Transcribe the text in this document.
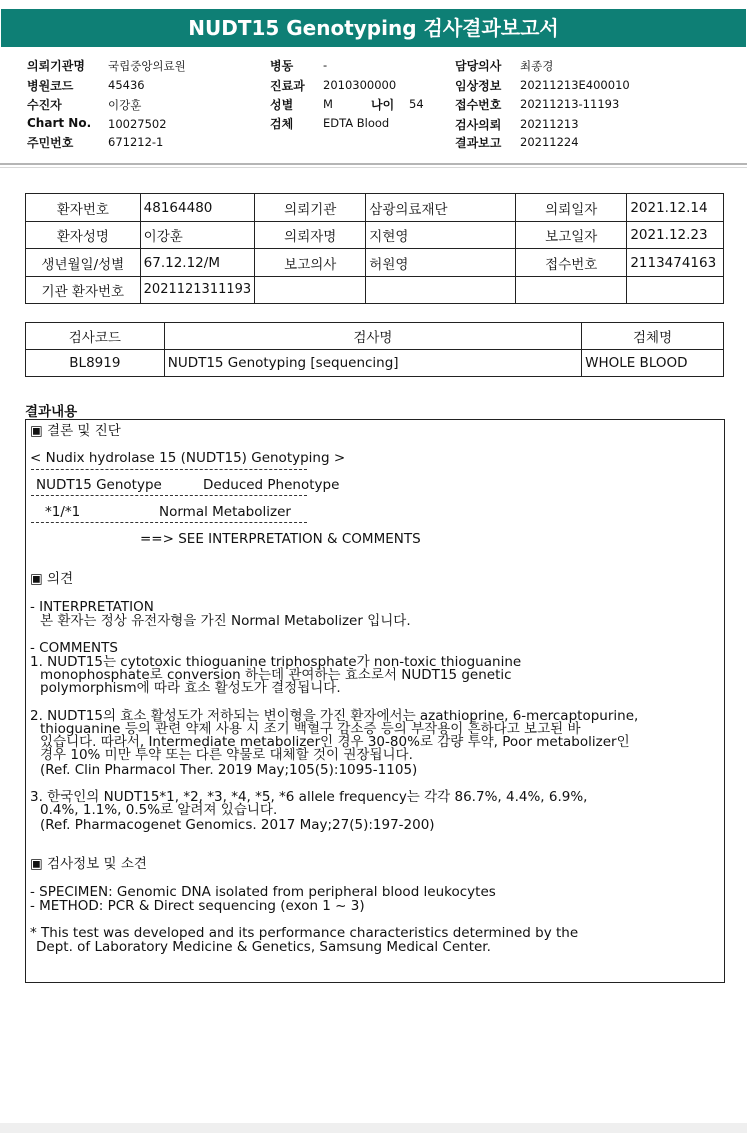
NUDT15 Genotyping 검사결과보고서
의뢰기관명 국립중앙의료원
병원코드	45436
수진자	이강훈
Chart No. 10027502
주민번호	671212-1
병동	-
진료과 2010300000
성별	M	나이 54
검체	EDTA Blood
담당의사 최종경
임상정보 20211213E400010
접수번호 20211213-11193
검사의뢰 20211213
결과보고 20211224
환자번호	48164480	의뢰기관	삼광의료재단	의뢰일자	2021.12.14
환자성명	이강훈	의뢰자명	지현영	보고일자	2021.12.23
생년월일/성별	67.12.12/M	보고의사	허원영	접수번호	2113474163
기관 환자번호	2021121311193				
검사코드	검사명	검체명
BL8919	NUDT15 Genotyping [sequencing]	WHOLE BLOOD
결과내용
▣ 결론 및 진단
< Nudix hydrolase 15 (NUDT15) Genotyping >
NUDT15 Genotype	Deduced Phenotype
*1/*1	Normal Metabolizer
==> SEE INTERPRETATION & COMMENTS
▣ 의견
- INTERPRETATION
본 환자는 정상 유전자형을 가진 Normal Metabolizer 입니다.
- COMMENTS
1. NUDT15는 cytotoxic thioguanine triphosphate가 non-toxic thioguanine
monophosphate로 conversion 하는데 관여하는 효소로서 NUDT15 genetic
polymorphism에 따라 효소 활성도가 결정됩니다.
2. NUDT15의 효소 활성도가 저하되는 변이형을 가진 환자에서는 azathioprine, 6-mercaptopurine,
thioguanine 등의 관련 약제 사용 시 조기 백혈구 감소증 등의 부작용이 흔하다고 보고된 바
있습니다. 따라서, Intermediate metabolizer인 경우 30-80%로 감량 투약, Poor metabolizer인
경우 10% 미만 투약 또는 다른 약물로 대체할 것이 권장됩니다.
(Ref. Clin Pharmacol Ther. 2019 May;105(5):1095-1105)
3. 한국인의 NUDT15*1, *2, *3, *4, *5, *6 allele frequency는 각각 86.7%, 4.4%, 6.9%,
0.4%, 1.1%, 0.5%로 알려져 있습니다.
(Ref. Pharmacogenet Genomics. 2017 May;27(5):197-200)
▣ 검사정보 및 소견
- SPECIMEN: Genomic DNA isolated from peripheral blood leukocytes
- METHOD: PCR & Direct sequencing (exon 1 ~ 3)
* This test was developed and its performance characteristics determined by the
Dept. of Laboratory Medicine & Genetics, Samsung Medical Center.
